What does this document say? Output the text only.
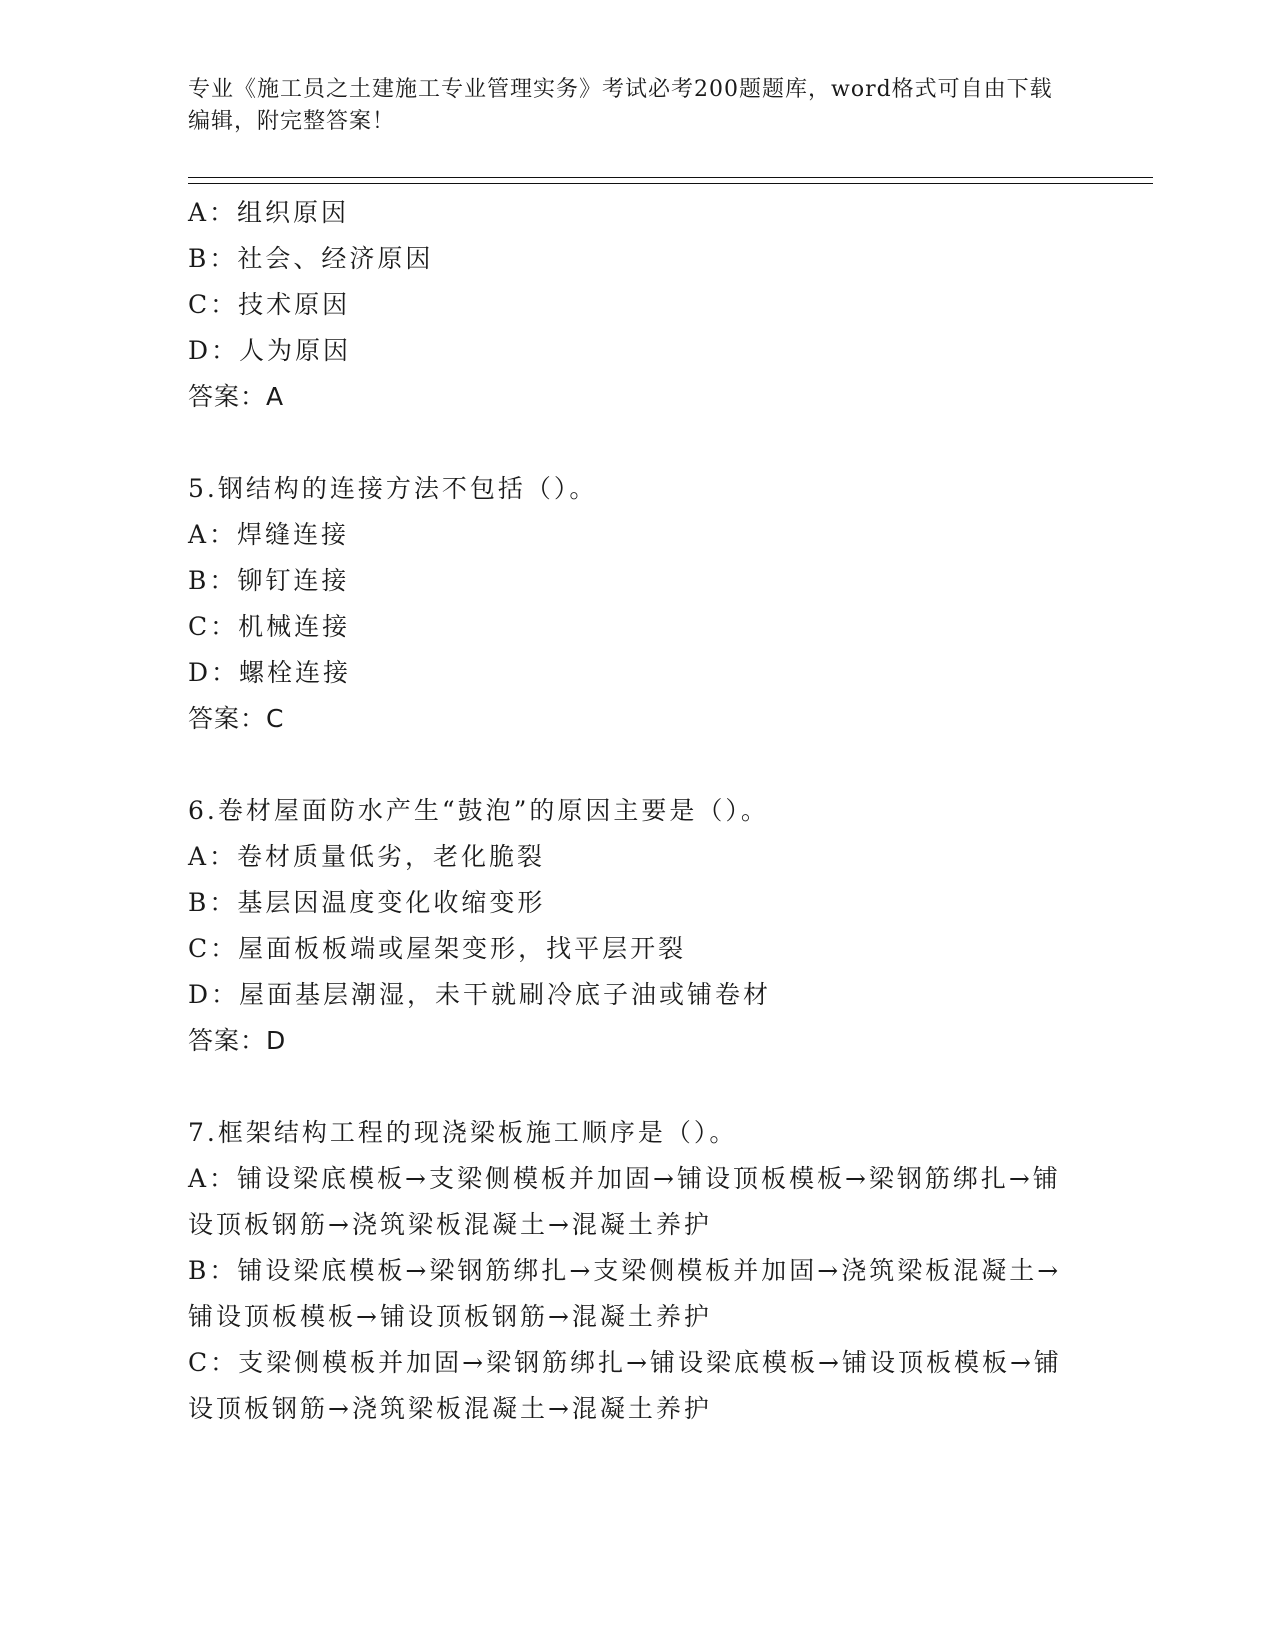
专业《施工员之土建施工专业管理实务》考试必考200题题库，word格式可自由下载编辑，附完整答案！
A：组织原因
B：社会、经济原因
C：技术原因
D：人为原因
答案：A
5.钢结构的连接方法不包括（）。
A：焊缝连接
B：铆钉连接
C：机械连接
D：螺栓连接
答案：C
6.卷材屋面防水产生“鼓泡”的原因主要是（）。
A：卷材质量低劣，老化脆裂
B：基层因温度变化收缩变形
C：屋面板板端或屋架变形，找平层开裂
D：屋面基层潮湿，未干就刷冷底子油或铺卷材
答案：D
7.框架结构工程的现浇梁板施工顺序是（）。
A：铺设梁底模板→支梁侧模板并加固→铺设顶板模板→梁钢筋绑扎→铺设顶板钢筋→浇筑梁板混凝土→混凝土养护
B：铺设梁底模板→梁钢筋绑扎→支梁侧模板并加固→浇筑梁板混凝土→铺设顶板模板→铺设顶板钢筋→混凝土养护
C：支梁侧模板并加固→梁钢筋绑扎→铺设梁底模板→铺设顶板模板→铺设顶板钢筋→浇筑梁板混凝土→混凝土养护
